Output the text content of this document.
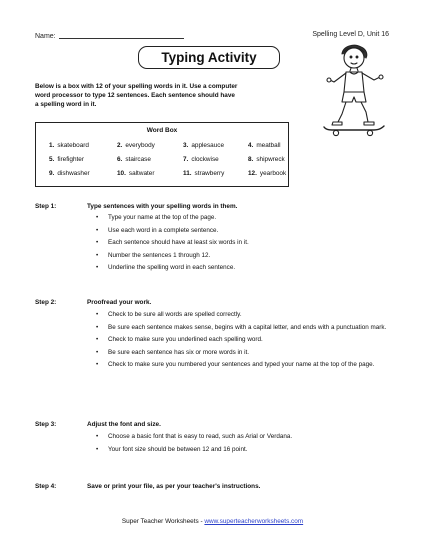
Name:	Spelling Level D, Unit 16
Typing Activity
Below is a box with 12 of your spelling words in it. Use a computer
word processor to type 12 sentences. Each sentence should have
a spelling word in it.
Word Box
1. skateboard	2. everybody	3. applesauce	4. meatball
5. firefighter	6. staircase	7. clockwise	8. shipwreck
9. dishwasher	10. saltwater	11. strawberry	12. yearbook
Step 1:	Type sentences with your spelling words in them.
• Type your name at the top of the page.
• Use each word in a complete sentence.
• Each sentence should have at least six words in it.
• Number the sentences 1 through 12.
• Underline the spelling word in each sentence.
Step 2:	Proofread your work.
• Check to be sure all words are spelled correctly.
• Be sure each sentence makes sense, begins with a capital letter, and ends with a punctuation mark.
• Check to make sure you underlined each spelling word.
• Be sure each sentence has six or more words in it.
• Check to make sure you numbered your sentences and typed your name at the top of the page.
Step 3:	Adjust the font and size.
• Choose a basic font that is easy to read, such as Arial or Verdana.
• Your font size should be between 12 and 16 point.
Step 4:	Save or print your file, as per your teacher's instructions.
Super Teacher Worksheets - www.superteacherworksheets.com
